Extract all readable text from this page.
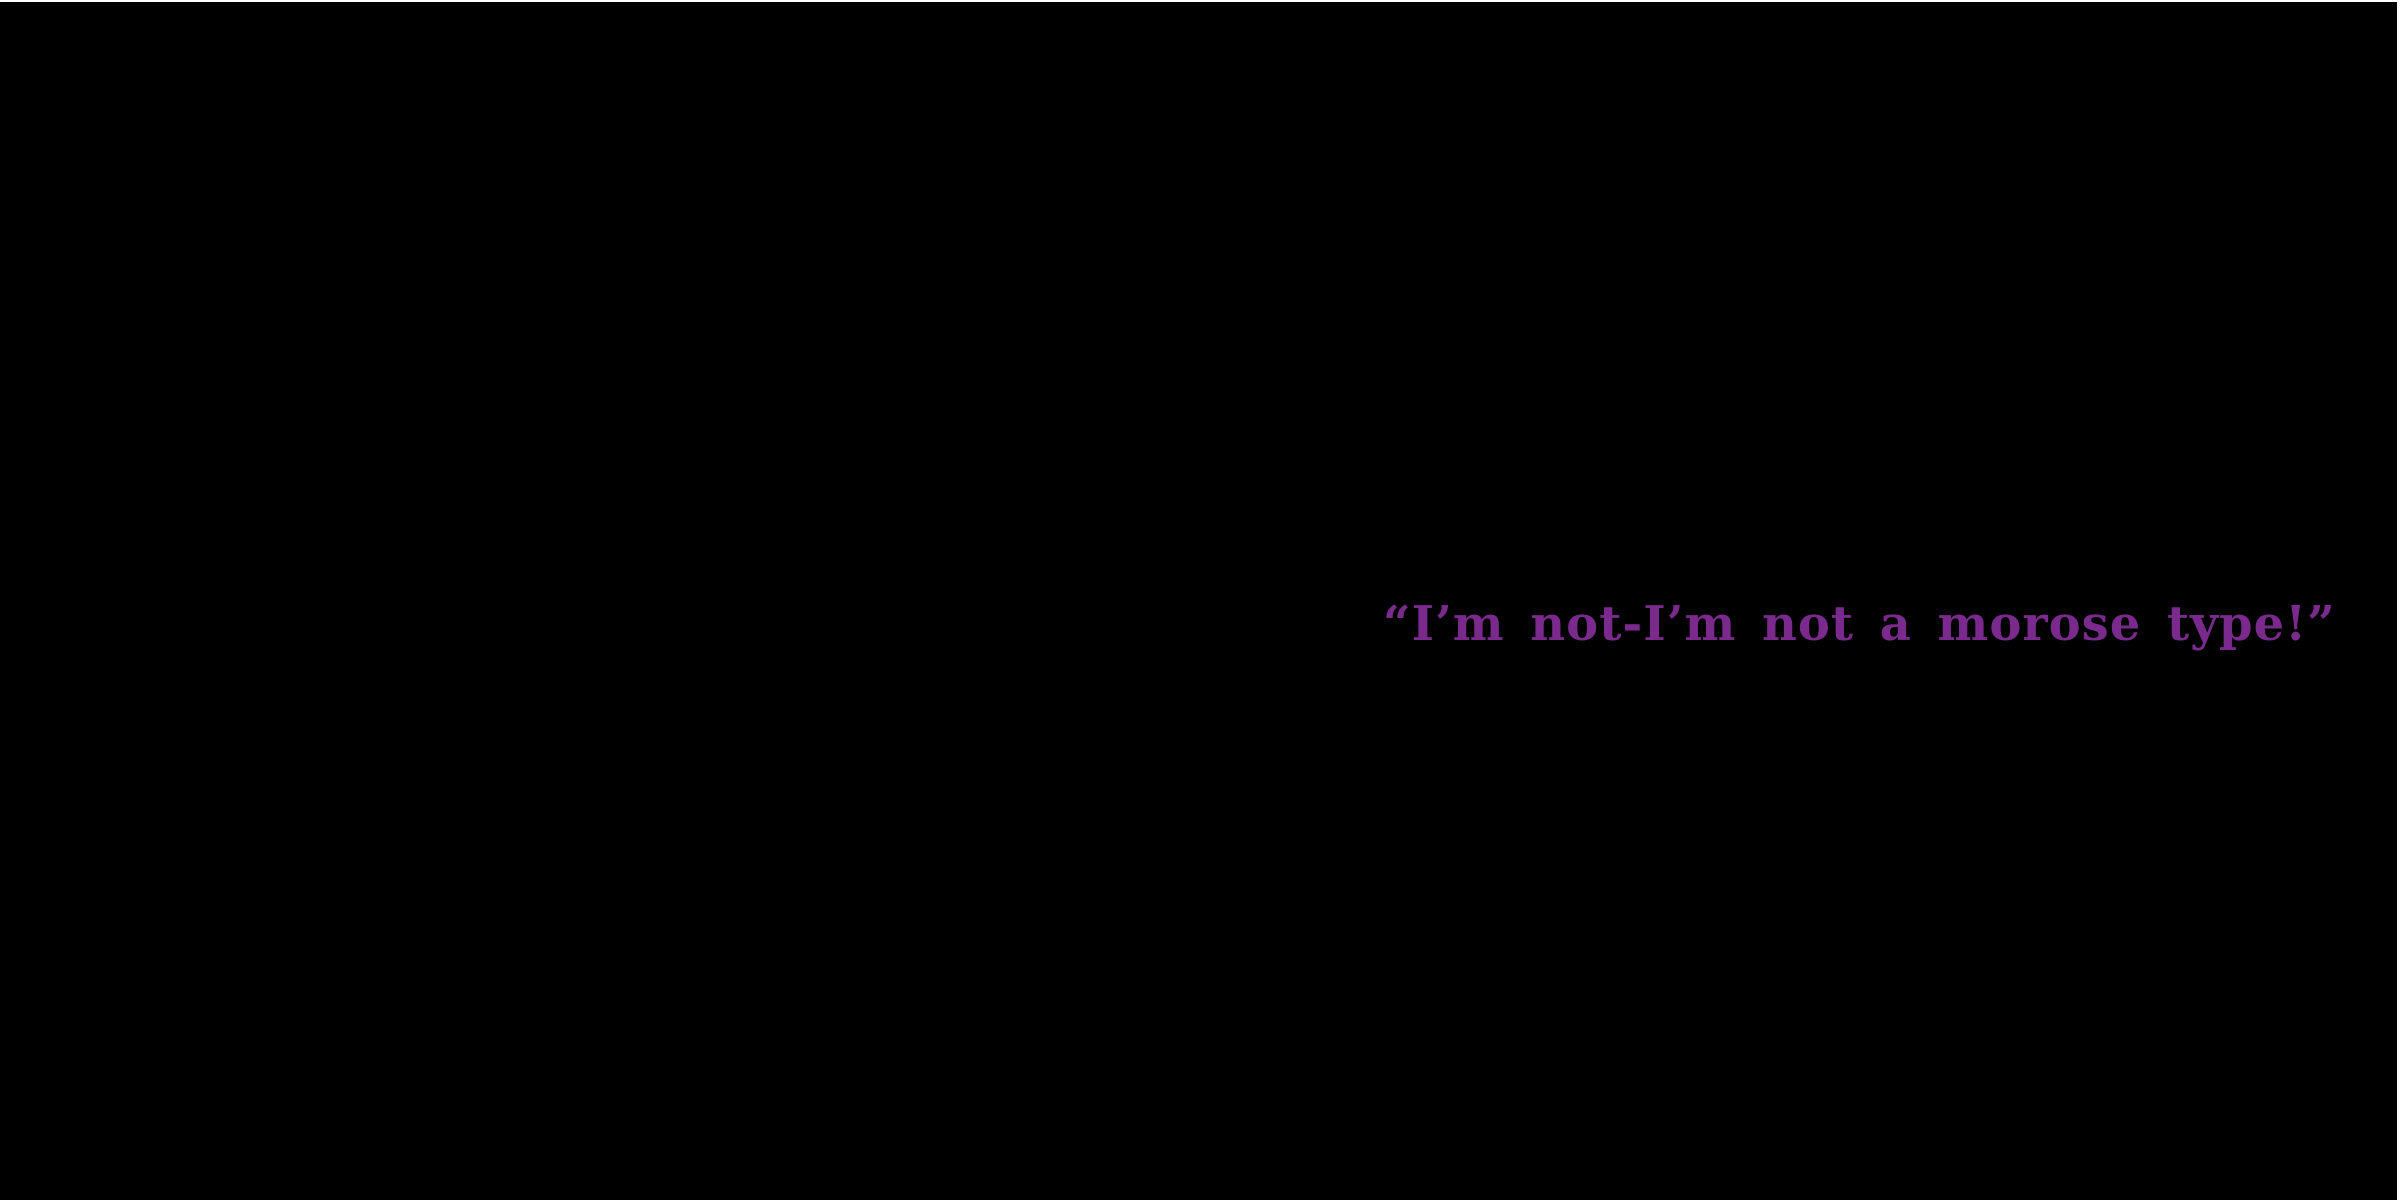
“I’m not-I’m not a morose type!”
